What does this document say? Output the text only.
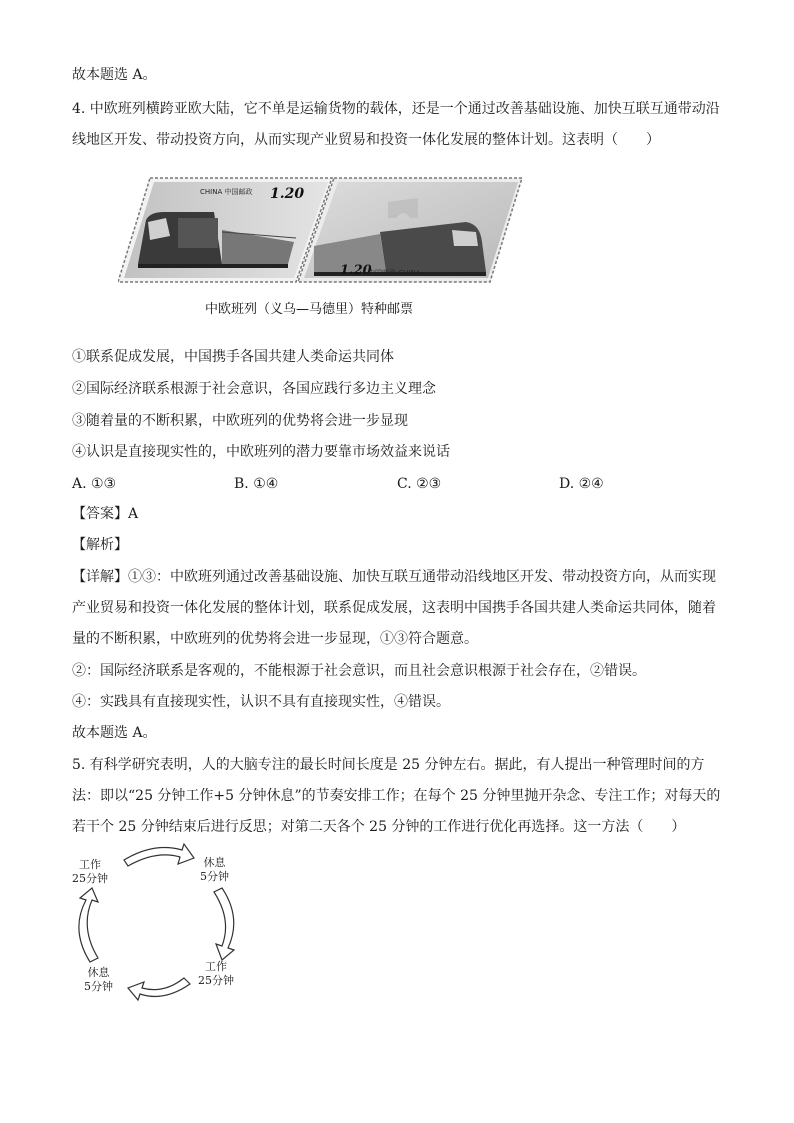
故本题选 A。
4. 中欧班列横跨亚欧大陆，它不单是运输货物的载体，还是一个通过改善基础设施、加快互联互通带动沿
线地区开发、带动投资方向，从而实现产业贸易和投资一体化发展的整体计划。这表明（　　）
CHINA 中国邮政 1.20
1.20
中国邮政 CHINA
中欧班列（义乌—马德里）特种邮票
①联系促成发展，中国携手各国共建人类命运共同体
②国际经济联系根源于社会意识，各国应践行多边主义理念
③随着量的不断积累，中欧班列的优势将会进一步显现
④认识是直接现实性的，中欧班列的潜力要靠市场效益来说话
A. ①③	B. ①④	C. ②③	D. ②④
【答案】A
【解析】
【详解】①③：中欧班列通过改善基础设施、加快互联互通带动沿线地区开发、带动投资方向，从而实现
产业贸易和投资一体化发展的整体计划，联系促成发展，这表明中国携手各国共建人类命运共同体，随着
量的不断积累，中欧班列的优势将会进一步显现，①③符合题意。
②：国际经济联系是客观的，不能根源于社会意识，而且社会意识根源于社会存在，②错误。
④：实践具有直接现实性，认识不具有直接现实性，④错误。
故本题选 A。
5. 有科学研究表明，人的大脑专注的最长时间长度是 25 分钟左右。据此，有人提出一种管理时间的方
法：即以“25 分钟工作+5 分钟休息”的节奏安排工作；在每个 25 分钟里抛开杂念、专注工作；对每天的
若干个 25 分钟结束后进行反思；对第二天各个 25 分钟的工作进行优化再选择。这一方法（　　）
工作
25分钟
休息
5分钟
工作
25分钟
休息
5分钟
